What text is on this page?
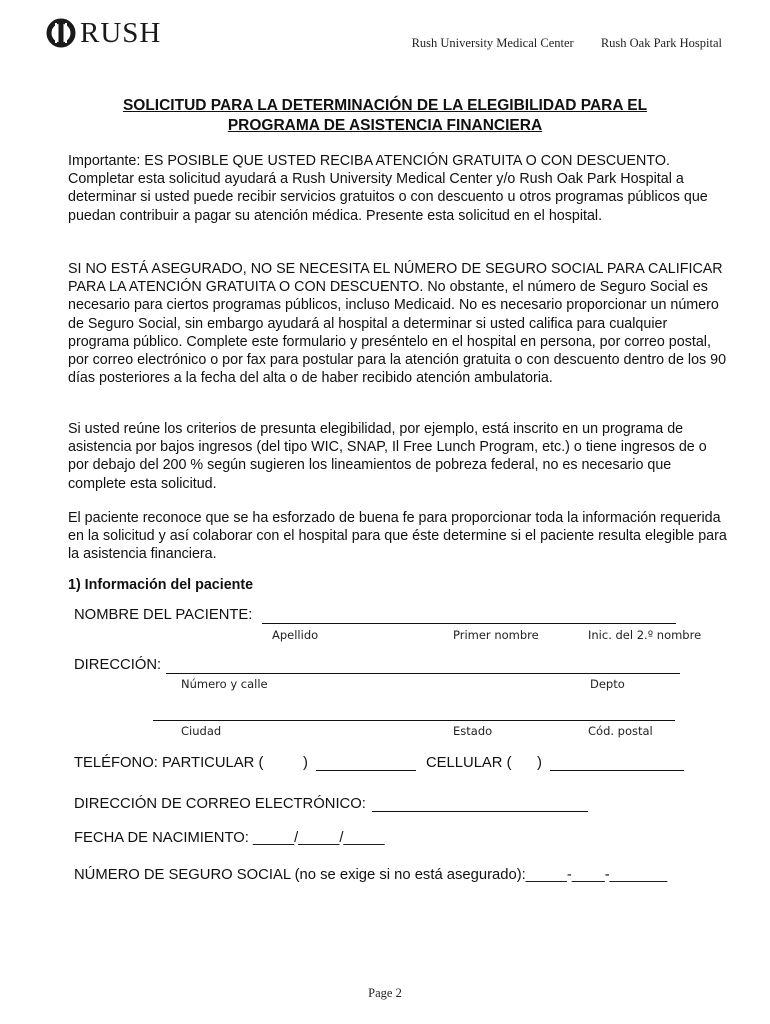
RUSH	Rush University Medical Center Rush Oak Park Hospital
SOLICITUD PARA LA DETERMINACIÓN DE LA ELEGIBILIDAD PARA EL
PROGRAMA DE ASISTENCIA FINANCIERA

Importante: ES POSIBLE QUE USTED RECIBA ATENCIÓN GRATUITA O CON DESCUENTO. Completar esta solicitud ayudará a Rush University Medical Center y/o Rush Oak Park Hospital a determinar si usted puede recibir servicios gratuitos o con descuento u otros programas públicos que puedan contribuir a pagar su atención médica. Presente esta solicitud en el hospital.

SI NO ESTÁ ASEGURADO, NO SE NECESITA EL NÚMERO DE SEGURO SOCIAL PARA CALIFICAR PARA LA ATENCIÓN GRATUITA O CON DESCUENTO. No obstante, el número de Seguro Social es necesario para ciertos programas públicos, incluso Medicaid. No es necesario proporcionar un número de Seguro Social, sin embargo ayudará al hospital a determinar si usted califica para cualquier programa público. Complete este formulario y preséntelo en el hospital en persona, por correo postal, por correo electrónico o por fax para postular para la atención gratuita o con descuento dentro de los 90 días posteriores a la fecha del alta o de haber recibido atención ambulatoria.

Si usted reúne los criterios de presunta elegibilidad, por ejemplo, está inscrito en un programa de asistencia por bajos ingresos (del tipo WIC, SNAP, Il Free Lunch Program, etc.) o tiene ingresos de o por debajo del 200 % según sugieren los lineamientos de pobreza federal, no es necesario que complete esta solicitud.

El paciente reconoce que se ha esforzado de buena fe para proporcionar toda la información requerida en la solicitud y así colaborar con el hospital para que éste determine si el paciente resulta elegible para la asistencia financiera.

1) Información del paciente
NOMBRE DEL PACIENTE:
Apellido	Primer nombre	Inic. del 2.º nombre
DIRECCIÓN:
Número y calle	Depto
Ciudad	Estado	Cód. postal
TELÉFONO: PARTICULAR (	)	CELLULAR ( )
DIRECCIÓN DE CORREO ELECTRÓNICO:
FECHA DE NACIMIENTO: _____/_____/_____
NÚMERO DE SEGURO SOCIAL (no se exige si no está asegurado):_____-____-_______
Page 2
